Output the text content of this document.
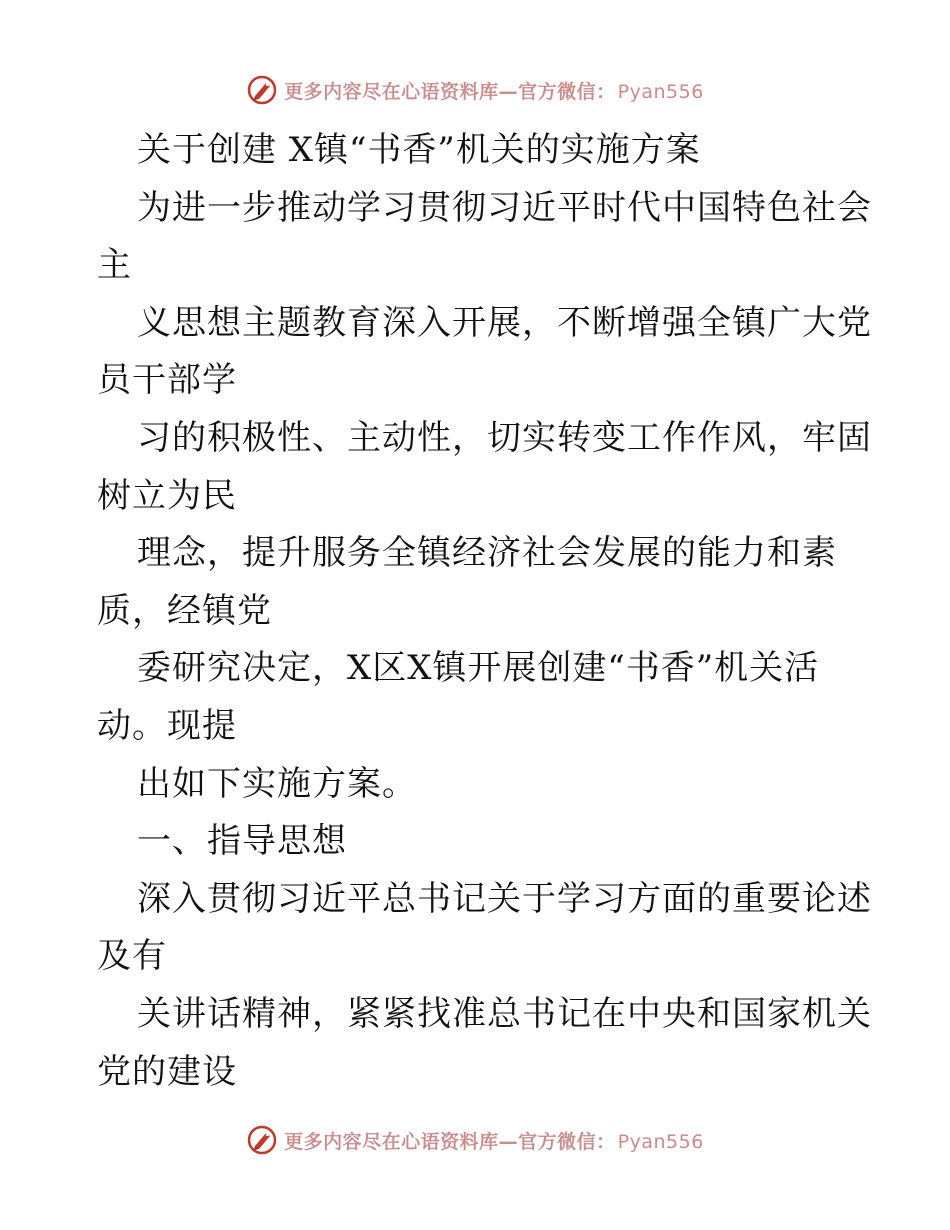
更多内容尽在心语资料库—官方微信： Pyan556
关于创建 X镇“书香”机关的实施方案
为进一步推动学习贯彻习近平时代中国特色社会
主
义思想主题教育深入开展，不断增强全镇广大党
员干部学
习的积极性、主动性，切实转变工作作风，牢固
树立为民
理念，提升服务全镇经济社会发展的能力和素
质，经镇党
委研究决定，X区X镇开展创建“书香”机关活
动。现提
出如下实施方案。
一、指导思想
深入贯彻习近平总书记关于学习方面的重要论述
及有
关讲话精神，紧紧找准总书记在中央和国家机关
党的建设
更多内容尽在心语资料库—官方微信： Pyan556
